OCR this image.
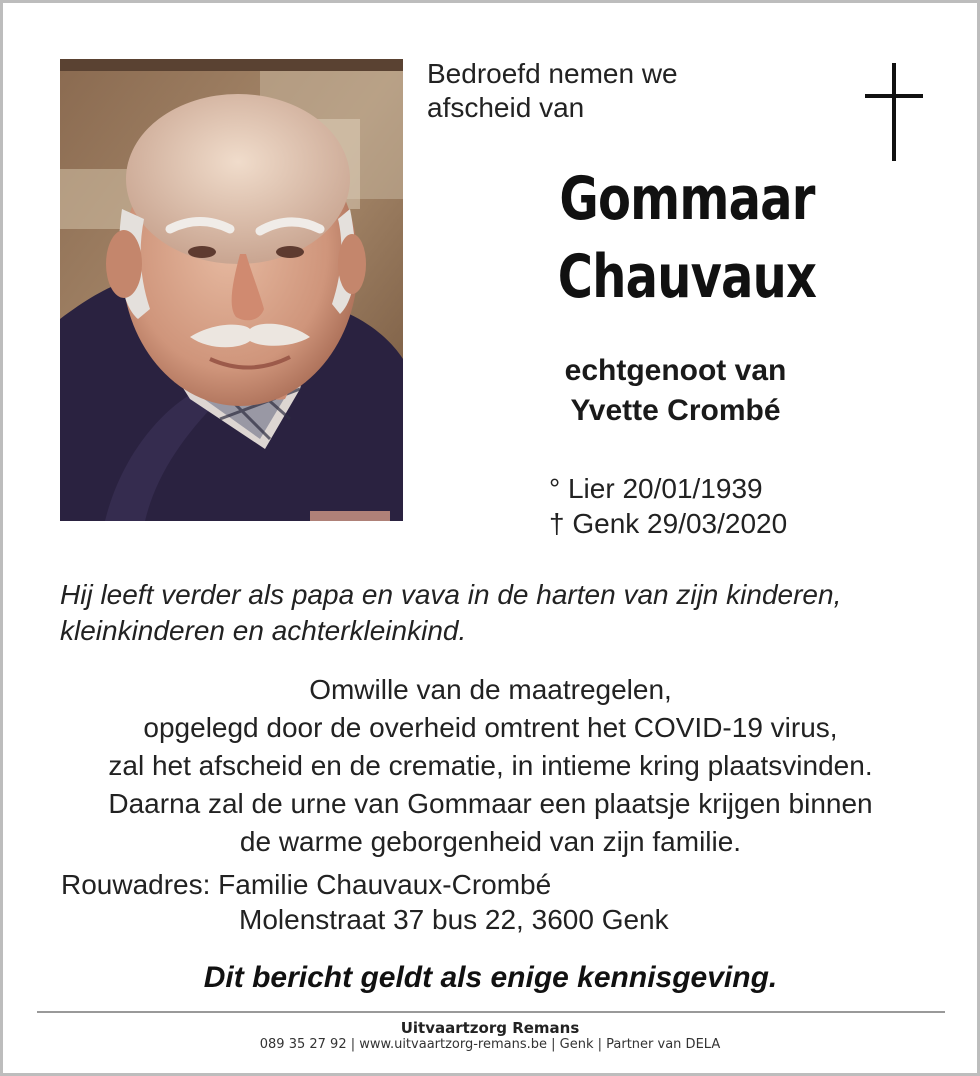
Bedroefd nemen we
afscheid van
Gommaar
Chauvaux
echtgenoot van
Yvette Crombé
° Lier 20/01/1939
† Genk 29/03/2020
Hij leeft verder als papa en vava in de harten van zijn kinderen,
kleinkinderen en achterkleinkind.
Omwille van de maatregelen,
opgelegd door de overheid omtrent het COVID-19 virus,
zal het afscheid en de crematie, in intieme kring plaatsvinden.
Daarna zal de urne van Gommaar een plaatsje krijgen binnen
de warme geborgenheid van zijn familie.
Rouwadres: Familie Chauvaux-Crombé
Molenstraat 37 bus 22, 3600 Genk
Dit bericht geldt als enige kennisgeving.
Uitvaartzorg Remans
089 35 27 92 | www.uitvaartzorg-remans.be | Genk | Partner van DELA
